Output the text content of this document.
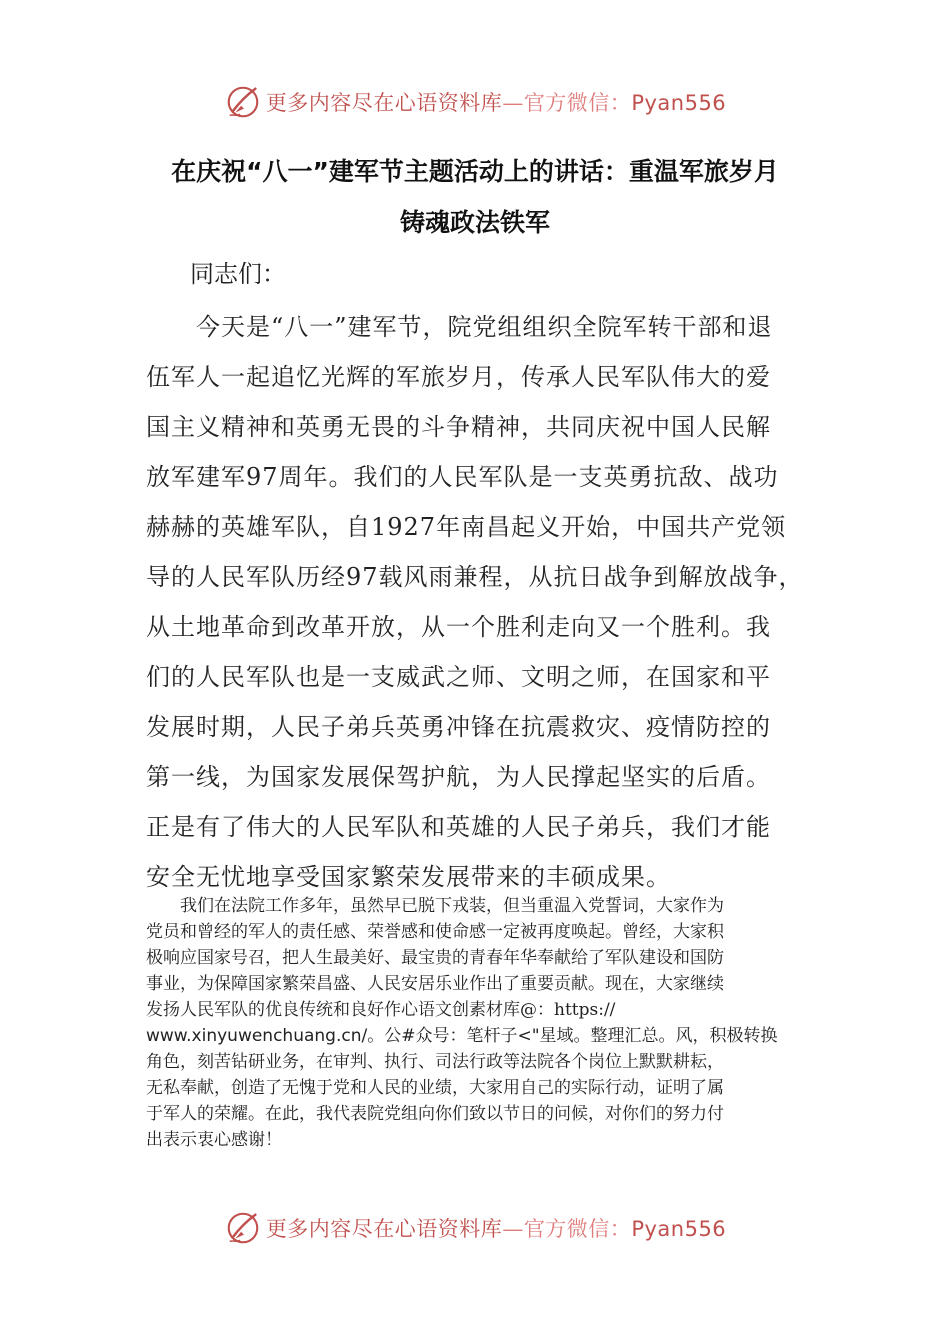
更多内容尽在心语资料库—官方微信：Pyan556
在庆祝“八一”建军节主题活动上的讲话：重温军旅岁月
铸魂政法铁军
同志们：
　　今天是“八一”建军节，院党组组织全院军转干部和退
伍军人一起追忆光辉的军旅岁月，传承人民军队伟大的爱
国主义精神和英勇无畏的斗争精神，共同庆祝中国人民解
放军建军97周年。我们的人民军队是一支英勇抗敌、战功
赫赫的英雄军队，自1927年南昌起义开始，中国共产党领
导的人民军队历经97载风雨兼程，从抗日战争到解放战争，
从土地革命到改革开放，从一个胜利走向又一个胜利。我
们的人民军队也是一支威武之师、文明之师，在国家和平
发展时期，人民子弟兵英勇冲锋在抗震救灾、疫情防控的
第一线，为国家发展保驾护航，为人民撑起坚实的后盾。
正是有了伟大的人民军队和英雄的人民子弟兵，我们才能
安全无忧地享受国家繁荣发展带来的丰硕成果。
　　我们在法院工作多年，虽然早已脱下戎装，但当重温入党誓词，大家作为
党员和曾经的军人的责任感、荣誉感和使命感一定被再度唤起。曾经，大家积
极响应国家号召，把人生最美好、最宝贵的青春年华奉献给了军队建设和国防
事业，为保障国家繁荣昌盛、人民安居乐业作出了重要贡献。现在，大家继续
发扬人民军队的优良传统和良好作心语文创素材库@：https://
www.xinyuwenchuang.cn/。公#众号：笔杆子<"星域。整理汇总。风，积极转换
角色，刻苦钻研业务，在审判、执行、司法行政等法院各个岗位上默默耕耘，
无私奉献，创造了无愧于党和人民的业绩，大家用自己的实际行动，证明了属
于军人的荣耀。在此，我代表院党组向你们致以节日的问候，对你们的努力付
出表示衷心感谢！
更多内容尽在心语资料库—官方微信：Pyan556
